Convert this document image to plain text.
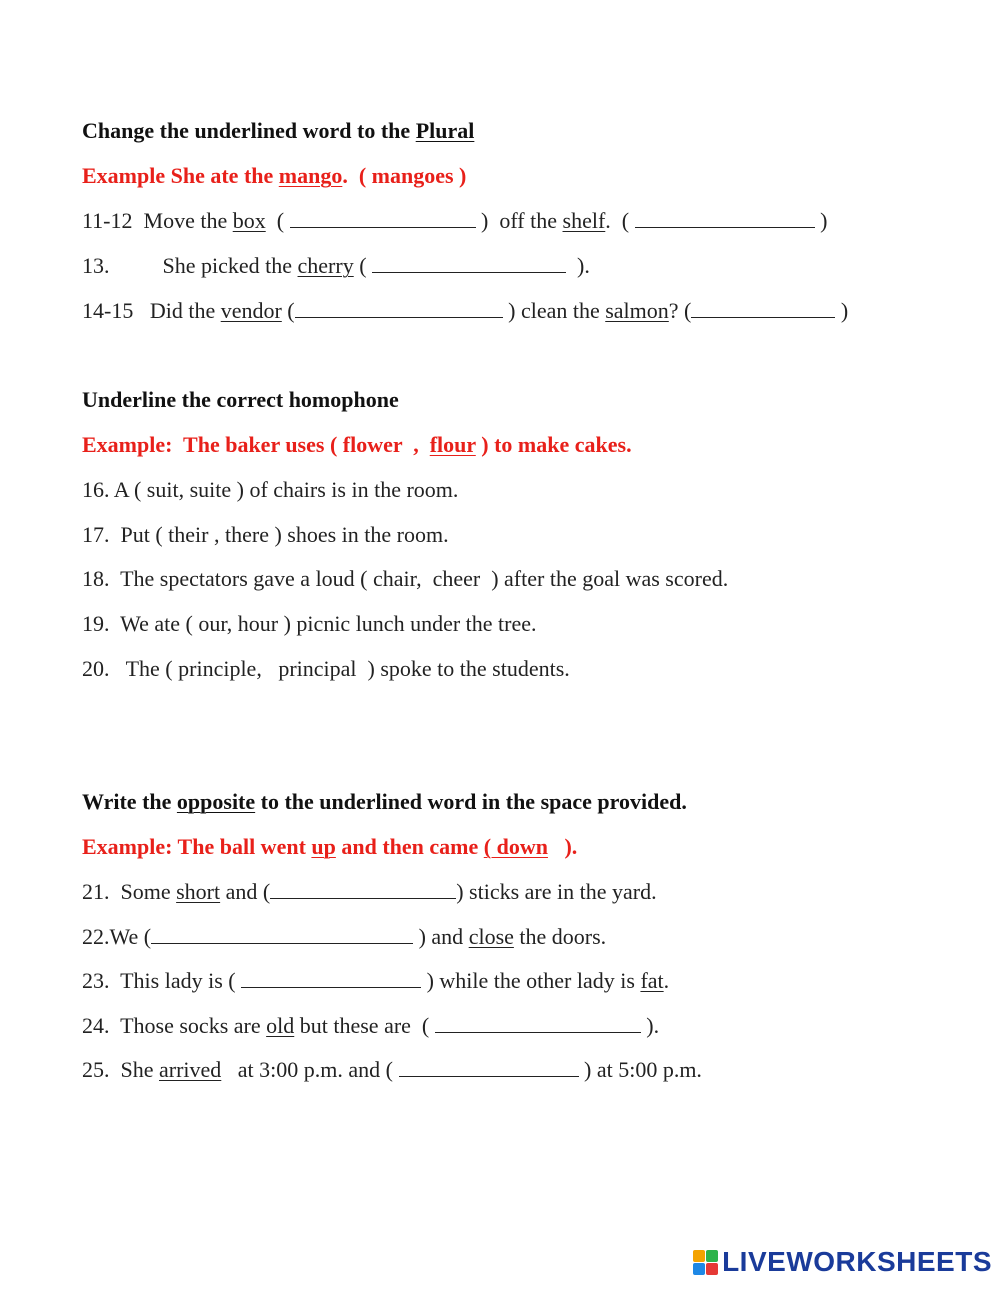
Change the underlined word to the Plural
Example She ate the mango.  ( mangoes )
11-12  Move the box  (	)  off the shelf.  (	)
13. She picked the cherry (	).
14-15   Did the vendor (	) clean the salmon? (	)
Underline the correct homophone
Example:  The baker uses ( flower  ,  flour ) to make cakes.
16. A ( suit, suite ) of chairs is in the room.
17.  Put ( their , there ) shoes in the room.
18.  The spectators gave a loud ( chair,  cheer  ) after the goal was scored.
19.  We ate ( our, hour ) picnic lunch under the tree.
20.   The ( principle,   principal  ) spoke to the students.
Write the opposite to the underlined word in the space provided.
Example: The ball went up and then came ( down   ).
21.  Some short and (	) sticks are in the yard.
22.We (	) and close the doors.
23.  This lady is (	) while the other lady is fat.
24.  Those socks are old but these are  (	).
25.  She arrived   at 3:00 p.m. and (	) at 5:00 p.m.
LIVEWORKSHEETS
